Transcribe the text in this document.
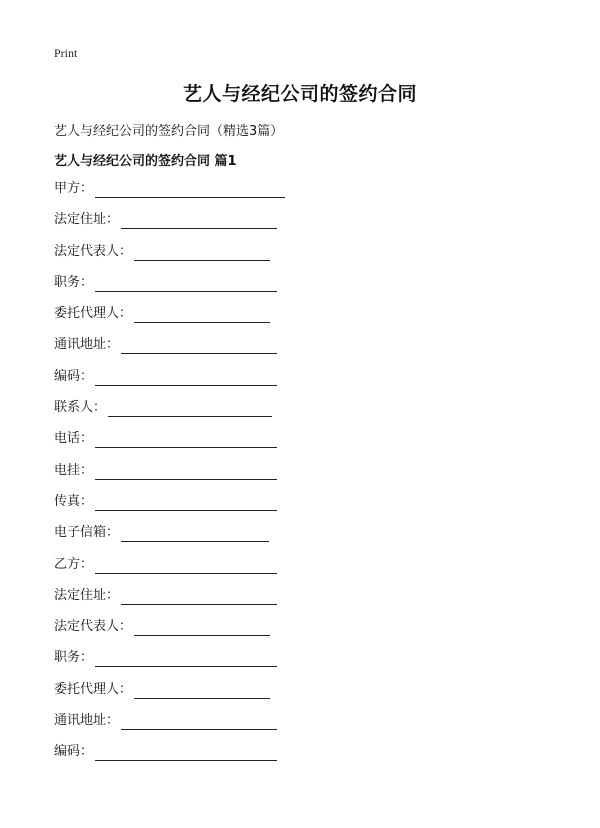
Print
艺人与经纪公司的签约合同

艺人与经纪公司的签约合同（精选3篇）

艺人与经纪公司的签约合同 篇1
甲方：
法定住址：
法定代表人：
职务：
委托代理人：
通讯地址：
编码：
联系人：
电话：
电挂：
传真：
电子信箱：
乙方：
法定住址：
法定代表人：
职务：
委托代理人：
通讯地址：
编码：
